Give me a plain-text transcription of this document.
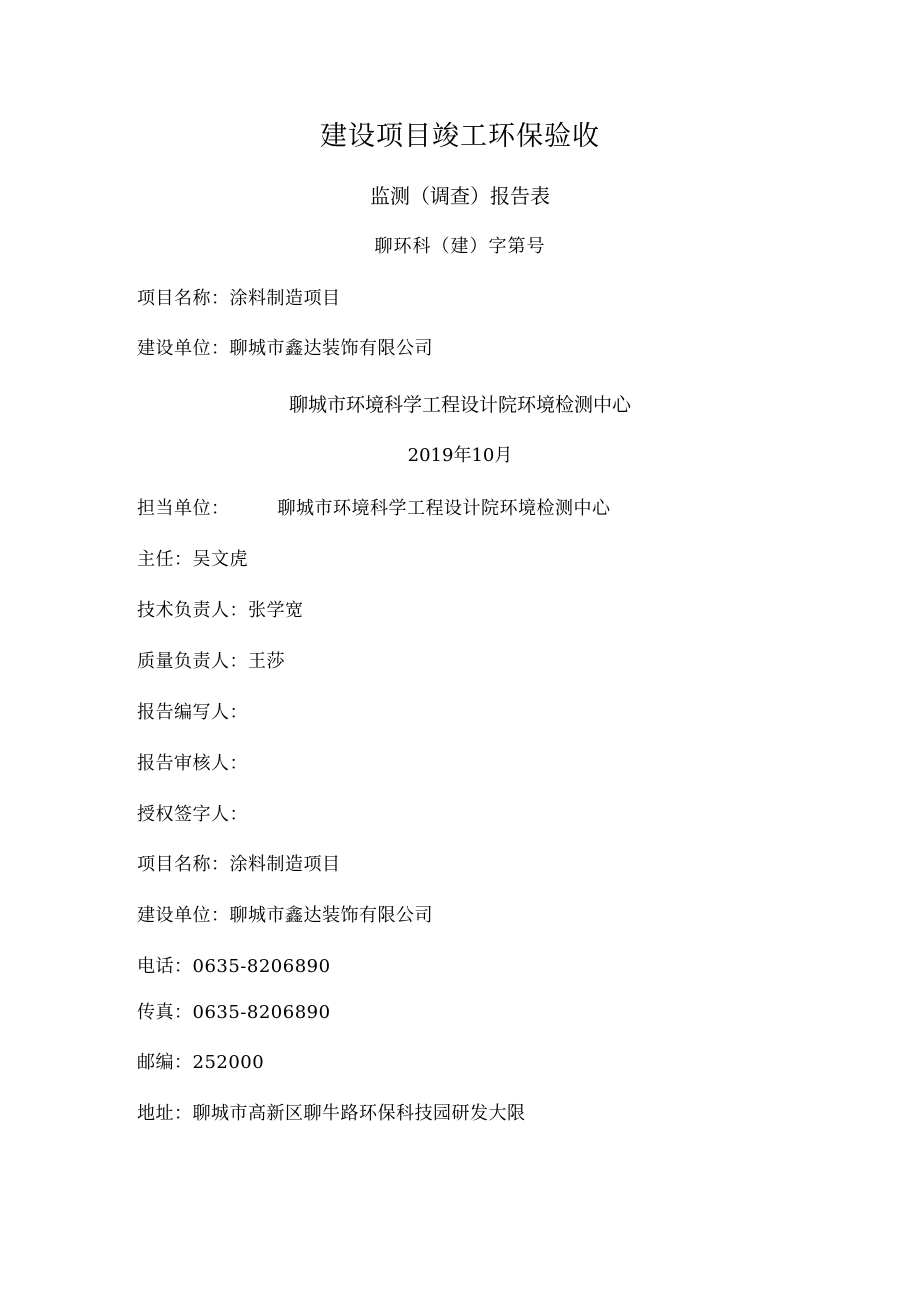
建设项目竣工环保验收
监测（调查）报告表
聊环科（建）字第号
项目名称：涂料制造项目
建设单位：聊城市鑫达装饰有限公司
聊城市环境科学工程设计院环境检测中心
2019年10月
担当单位：	聊城市环境科学工程设计院环境检测中心
主任：吴文虎
技术负责人：张学宽
质量负责人：王莎
报告编写人：
报告审核人：
授权签字人：
项目名称：涂料制造项目
建设单位：聊城市鑫达装饰有限公司
电话：0635-8206890
传真：0635-8206890
邮编：252000
地址：聊城市高新区聊牛路环保科技园研发大限
